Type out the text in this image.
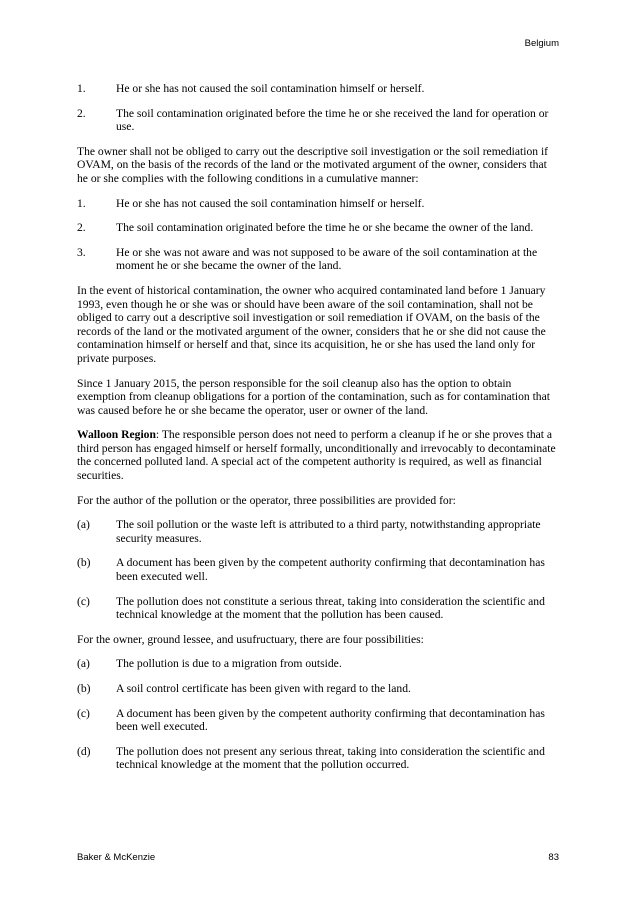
Belgium
1.	He or she has not caused the soil contamination himself or herself.
2.	The soil contamination originated before the time he or she received the land for operation or use.

The owner shall not be obliged to carry out the descriptive soil investigation or the soil remediation if OVAM, on the basis of the records of the land or the motivated argument of the owner, considers that he or she complies with the following conditions in a cumulative manner:

1.	He or she has not caused the soil contamination himself or herself.
2.	The soil contamination originated before the time he or she became the owner of the land.
3.	He or she was not aware and was not supposed to be aware of the soil contamination at the moment he or she became the owner of the land.

In the event of historical contamination, the owner who acquired contaminated land before 1 January 1993, even though he or she was or should have been aware of the soil contamination, shall not be obliged to carry out a descriptive soil investigation or soil remediation if OVAM, on the basis of the records of the land or the motivated argument of the owner, considers that he or she did not cause the contamination himself or herself and that, since its acquisition, he or she has used the land only for private purposes.

Since 1 January 2015, the person responsible for the soil cleanup also has the option to obtain exemption from cleanup obligations for a portion of the contamination, such as for contamination that was caused before he or she became the operator, user or owner of the land.

Walloon Region: The responsible person does not need to perform a cleanup if he or she proves that a third person has engaged himself or herself formally, unconditionally and irrevocably to decontaminate the concerned polluted land. A special act of the competent authority is required, as well as financial securities.

For the author of the pollution or the operator, three possibilities are provided for:

(a)	The soil pollution or the waste left is attributed to a third party, notwithstanding appropriate security measures.
(b)	A document has been given by the competent authority confirming that decontamination has been executed well.
(c)	The pollution does not constitute a serious threat, taking into consideration the scientific and technical knowledge at the moment that the pollution has been caused.

For the owner, ground lessee, and usufructuary, there are four possibilities:

(a)	The pollution is due to a migration from outside.
(b)	A soil control certificate has been given with regard to the land.
(c)	A document has been given by the competent authority confirming that decontamination has been well executed.
(d)	The pollution does not present any serious threat, taking into consideration the scientific and technical knowledge at the moment that the pollution occurred.
Baker & McKenzie	83
